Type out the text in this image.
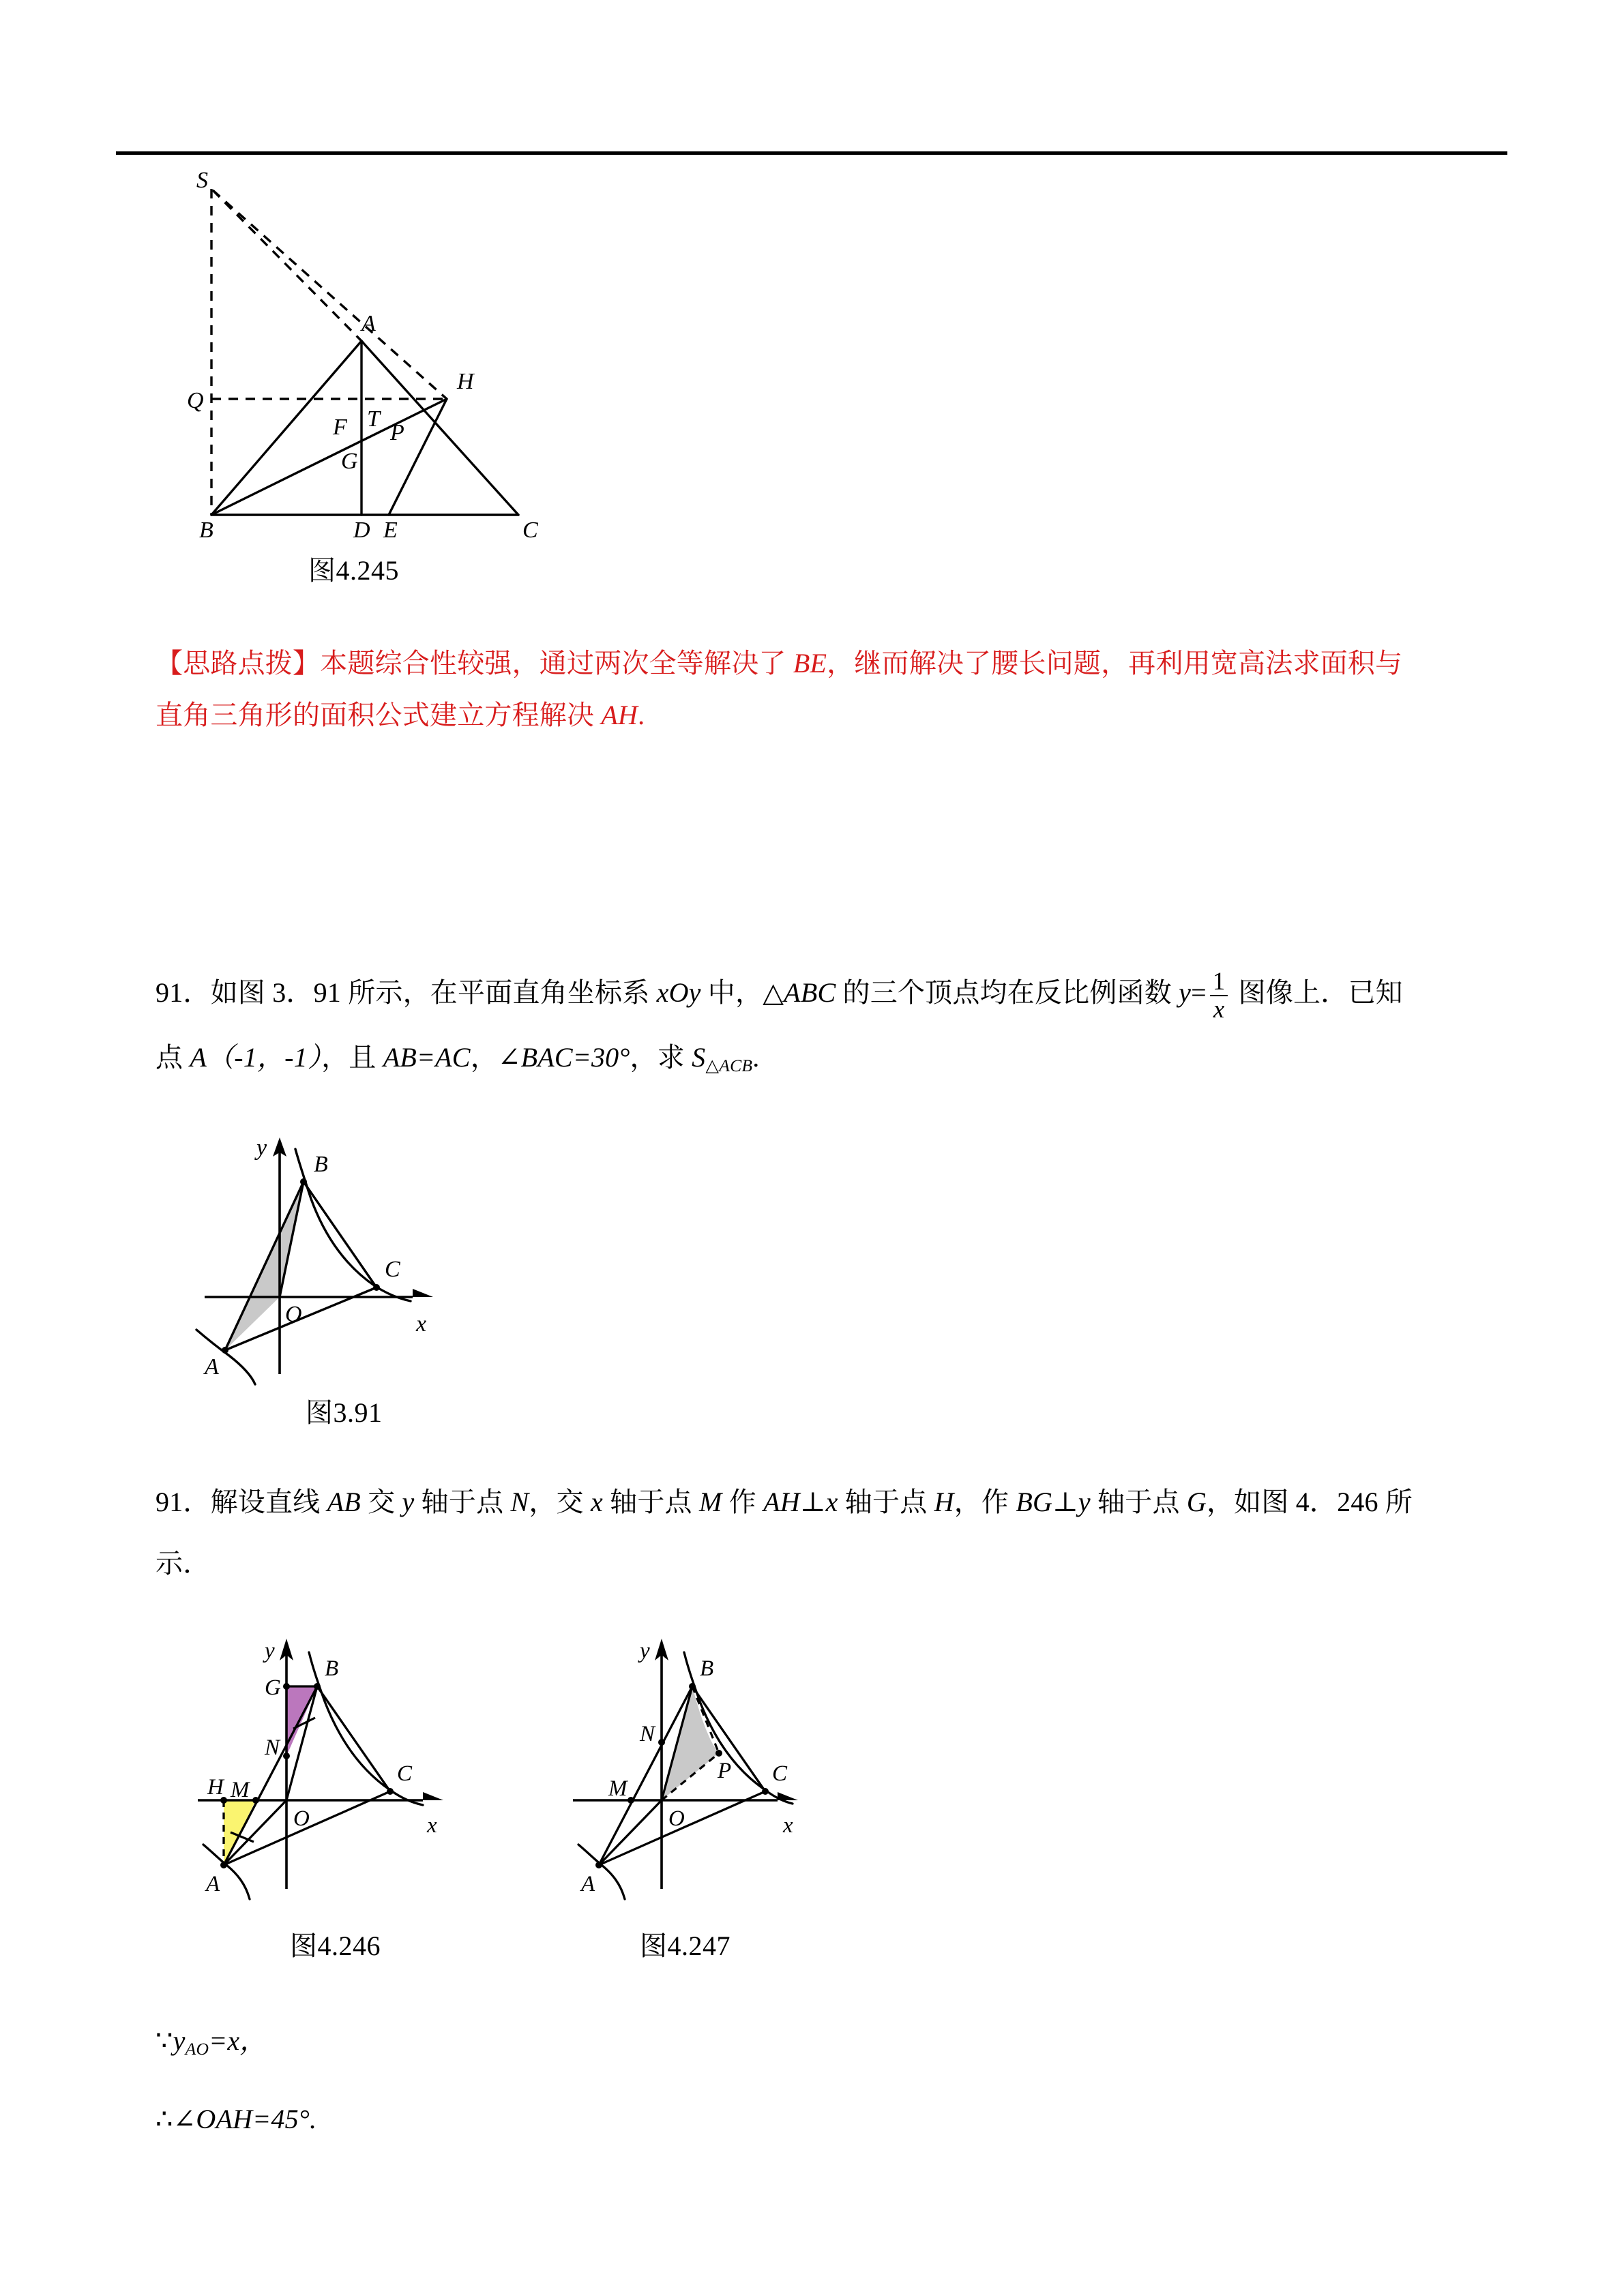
S
Q
A
H
F T
P
G
B	D E	C
图4.245
【思路点拨】本题综合性较强，通过两次全等解决了 BE，继而解决了腰长问题，再利用宽高法求面积与
直角三角形的面积公式建立方程解决 AH.
91．如图 3．91 所示，在平面直角坐标系 xOy 中，△ABC 的三个顶点均在反比例函数 $y= \frac{1}{x}$ 图像上．已知
点 A（-1，-1），且 AB=AC，∠BAC=30°，求 $S_{\triangle ACB}$.
y
x
O
B
C
A
图3.91
91．解设直线 AB 交 y 轴于点 N，交 x 轴于点 M 作 AH⊥x 轴于点 H，作 BG⊥y 轴于点 G，如图 4．246 所
示．
y
x
O
B
G
N
H M
A
C
图4.246
y
x
O
B
N
M
A
P C
图4.247
$\because y_{AO}=x$，
∴∠OAH=45°.
